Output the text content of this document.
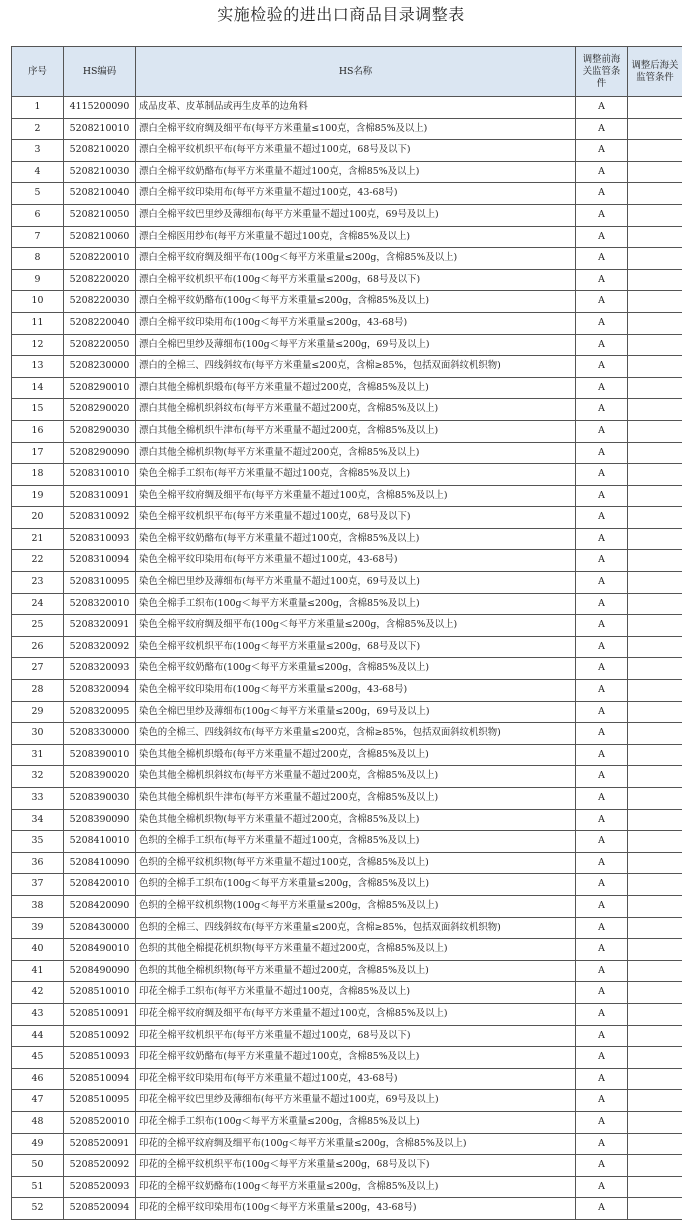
实施检验的进出口商品目录调整表
序号	HS编码	HS名称	调整前海关监管条件	调整后海关监管条件
1	4115200090	成品皮革、皮革制品或再生皮革的边角料	A	
2	5208210010	漂白全棉平纹府绸及细平布(每平方米重量≤100克，含棉85%及以上)	A	
3	5208210020	漂白全棉平纹机织平布(每平方米重量不超过100克，68号及以下)	A	
4	5208210030	漂白全棉平纹奶酪布(每平方米重量不超过100克，含棉85%及以上)	A	
5	5208210040	漂白全棉平纹印染用布(每平方米重量不超过100克，43-68号)	A	
6	5208210050	漂白全棉平纹巴里纱及薄细布(每平方米重量不超过100克，69号及以上)	A	
7	5208210060	漂白全棉医用纱布(每平方米重量不超过100克，含棉85%及以上)	A	
8	5208220010	漂白全棉平纹府绸及细平布(100g＜每平方米重量≤200g，含棉85%及以上)	A	
9	5208220020	漂白全棉平纹机织平布(100g＜每平方米重量≤200g，68号及以下)	A	
10	5208220030	漂白全棉平纹奶酪布(100g＜每平方米重量≤200g，含棉85%及以上)	A	
11	5208220040	漂白全棉平纹印染用布(100g＜每平方米重量≤200g，43-68号)	A	
12	5208220050	漂白全棉巴里纱及薄细布(100g＜每平方米重量≤200g，69号及以上)	A	
13	5208230000	漂白的全棉三、四线斜纹布(每平方米重量≤200克，含棉≥85%，包括双面斜纹机织物)	A	
14	5208290010	漂白其他全棉机织缎布(每平方米重量不超过200克，含棉85%及以上)	A	
15	5208290020	漂白其他全棉机织斜纹布(每平方米重量不超过200克，含棉85%及以上)	A	
16	5208290030	漂白其他全棉机织牛津布(每平方米重量不超过200克，含棉85%及以上)	A	
17	5208290090	漂白其他全棉机织物(每平方米重量不超过200克，含棉85%及以上)	A	
18	5208310010	染色全棉手工织布(每平方米重量不超过100克，含棉85%及以上)	A	
19	5208310091	染色全棉平纹府绸及细平布(每平方米重量不超过100克，含棉85%及以上)	A	
20	5208310092	染色全棉平纹机织平布(每平方米重量不超过100克，68号及以下)	A	
21	5208310093	染色全棉平纹奶酪布(每平方米重量不超过100克，含棉85%及以上)	A	
22	5208310094	染色全棉平纹印染用布(每平方米重量不超过100克，43-68号)	A	
23	5208310095	染色全棉巴里纱及薄细布(每平方米重量不超过100克，69号及以上)	A	
24	5208320010	染色全棉手工织布(100g＜每平方米重量≤200g，含棉85%及以上)	A	
25	5208320091	染色全棉平纹府绸及细平布(100g＜每平方米重量≤200g，含棉85%及以上)	A	
26	5208320092	染色全棉平纹机织平布(100g＜每平方米重量≤200g，68号及以下)	A	
27	5208320093	染色全棉平纹奶酪布(100g＜每平方米重量≤200g，含棉85%及以上)	A	
28	5208320094	染色全棉平纹印染用布(100g＜每平方米重量≤200g，43-68号)	A	
29	5208320095	染色全棉巴里纱及薄细布(100g＜每平方米重量≤200g，69号及以上)	A	
30	5208330000	染色的全棉三、四线斜纹布(每平方米重量≤200克，含棉≥85%，包括双面斜纹机织物)	A	
31	5208390010	染色其他全棉机织缎布(每平方米重量不超过200克，含棉85%及以上)	A	
32	5208390020	染色其他全棉机织斜纹布(每平方米重量不超过200克，含棉85%及以上)	A	
33	5208390030	染色其他全棉机织牛津布(每平方米重量不超过200克，含棉85%及以上)	A	
34	5208390090	染色其他全棉机织物(每平方米重量不超过200克，含棉85%及以上)	A	
35	5208410010	色织的全棉手工织布(每平方米重量不超过100克，含棉85%及以上)	A	
36	5208410090	色织的全棉平纹机织物(每平方米重量不超过100克，含棉85%及以上)	A	
37	5208420010	色织的全棉手工织布(100g＜每平方米重量≤200g，含棉85%及以上)	A	
38	5208420090	色织的全棉平纹机织物(100g＜每平方米重量≤200g，含棉85%及以上)	A	
39	5208430000	色织的全棉三、四线斜纹布(每平方米重量≤200克，含棉≥85%，包括双面斜纹机织物)	A	
40	5208490010	色织的其他全棉提花机织物(每平方米重量不超过200克，含棉85%及以上)	A	
41	5208490090	色织的其他全棉机织物(每平方米重量不超过200克，含棉85%及以上)	A	
42	5208510010	印花全棉手工织布(每平方米重量不超过100克，含棉85%及以上)	A	
43	5208510091	印花全棉平纹府绸及细平布(每平方米重量不超过100克，含棉85%及以上)	A	
44	5208510092	印花全棉平纹机织平布(每平方米重量不超过100克，68号及以下)	A	
45	5208510093	印花全棉平纹奶酪布(每平方米重量不超过100克，含棉85%及以上)	A	
46	5208510094	印花全棉平纹印染用布(每平方米重量不超过100克，43-68号)	A	
47	5208510095	印花全棉平纹巴里纱及薄细布(每平方米重量不超过100克，69号及以上)	A	
48	5208520010	印花全棉手工织布(100g＜每平方米重量≤200g，含棉85%及以上)	A	
49	5208520091	印花的全棉平纹府绸及细平布(100g＜每平方米重量≤200g，含棉85%及以上)	A	
50	5208520092	印花的全棉平纹机织平布(100g＜每平方米重量≤200g，68号及以下)	A	
51	5208520093	印花的全棉平纹奶酪布(100g＜每平方米重量≤200g，含棉85%及以上)	A	
52	5208520094	印花的全棉平纹印染用布(100g＜每平方米重量≤200g，43-68号)	A	
